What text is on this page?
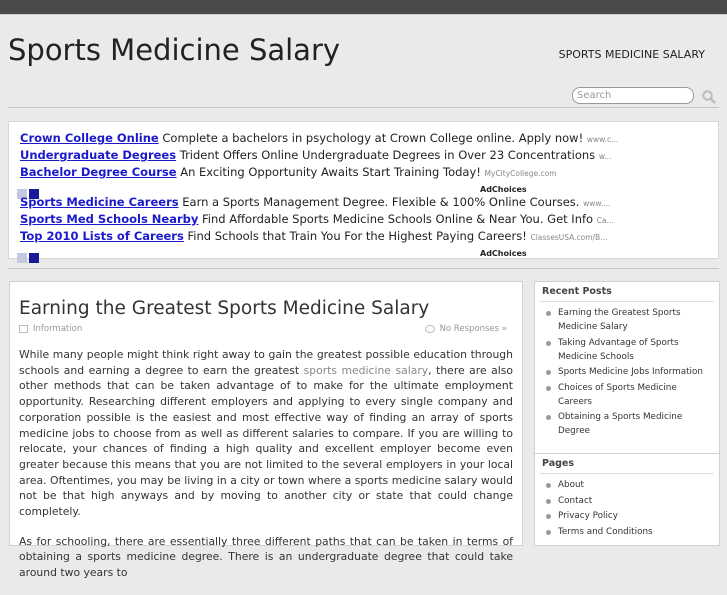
Sports Medicine Salary	SPORTS MEDICINE SALARY
Search
Crown College Online Complete a bachelors in psychology at Crown College online. Apply now! www.c...
Undergraduate Degrees Trident Offers Online Undergraduate Degrees in Over 23 Concentrations w...
Bachelor Degree Course An Exciting Opportunity Awaits Start Training Today! MyCityCollege.com
AdChoices
Sports Medicine Careers Earn a Sports Management Degree. Flexible & 100% Online Courses. www....
Sports Med Schools Nearby Find Affordable Sports Medicine Schools Online & Near You. Get Info Ca...
Top 2010 Lists of Careers Find Schools that Train You For the Highest Paying Careers! ClassesUSA.com/B...
AdChoices
Earning the Greatest Sports Medicine Salary
Information	No Responses »

While many people might think right away to gain the greatest possible education through schools and earning a degree to earn the greatest sports medicine salary, there are also other methods that can be taken advantage of to make for the ultimate employment opportunity. Researching different employers and applying to every single company and corporation possible is the easiest and most effective way of finding an array of sports medicine jobs to choose from as well as different salaries to compare. If you are willing to relocate, your chances of finding a high quality and excellent employer become even greater because this means that you are not limited to the several employers in your local area. Oftentimes, you may be living in a city or town where a sports medicine salary would not be that high anyways and by moving to another city or state that could change completely.

As for schooling, there are essentially three different paths that can be taken in terms of obtaining a sports medicine degree. There is an undergraduate degree that could take around two years to

Recent Posts
Earning the Greatest Sports Medicine Salary
Taking Advantage of Sports Medicine Schools
Sports Medicine Jobs Information
Choices of Sports Medicine Careers
Obtaining a Sports Medicine Degree
Pages
About
Contact
Privacy Policy
Terms and Conditions
